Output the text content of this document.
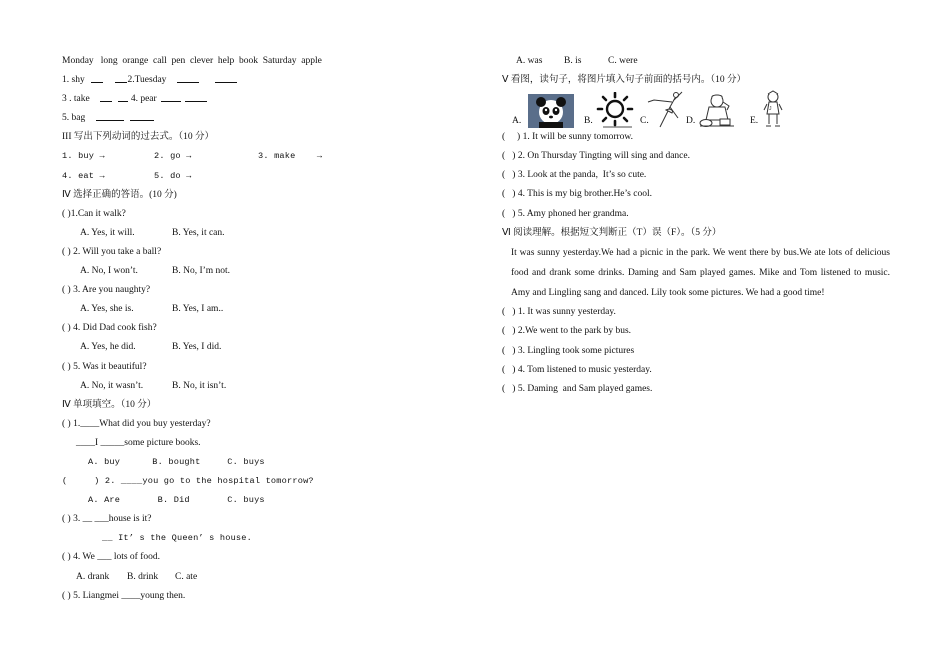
Monday   long  orange  call  pen  clever  help  book  Saturday  apple
1. shy	2.Tuesday
3 . take	4. pear
5. bag
III 写出下列动词的过去式。（10 分）
1. buy →	2. go →	3. make    →
4. eat →	5. do →
Ⅳ 选择正确的答语。(10 分)
( )1.Can it walk?
A. Yes, it will.	B. Yes, it can.
( ) 2. Will you take a ball?
A. No, I won’t.	B. No, I’m not.
( ) 3. Are you naughty?
A. Yes, she is.	B. Yes, I am..
( ) 4. Did Dad cook fish?
A. Yes, he did.	B. Yes, I did.
( ) 5. Was it beautiful?
A. No, it wasn’t.	B. No, it isn’t.
Ⅳ 单项填空。（10 分）
( ) 1.____What did you buy yesterday?
____I _____some picture books.
A. buy      B. bought     C. buys
(     ) 2. ____you go to the hospital tomorrow?
A. Are       B. Did       C. buys
( ) 3. __ ___house is it?
__ It’ s the Queen’ s house.
( ) 4. We ___ lots of food.
A. drank B. drink C. ate
( ) 5. Liangmei ____young then.
A. was B. is	C. were
Ⅴ 看图，读句子，将图片填入句子前面的括号内。（10 分）
A.	B.	C.	D.	E.
J
(     ) 1. It will be sunny tomorrow.
(   ) 2. On Thursday Tingting will sing and dance.
(   ) 3. Look at the panda,  It’s so cute.
(   ) 4. This is my big brother.He’s cool.
(   ) 5. Amy phoned her grandma.
Ⅵ 阅读理解。根据短文判断正（T）误（F）。（5 分）
It was sunny yesterday.We had a picnic in the park. We went there by bus.We ate lots of delicious food and drank some drinks. Daming and Sam played games. Mike and Tom listened to music. Amy and Lingling sang and danced. Lily took some pictures. We had a good time!
(   ) 1. It was sunny yesterday.
(   ) 2.We went to the park by bus.
(   ) 3. Lingling took some pictures
(   ) 4. Tom listened to music yesterday.
(   ) 5. Daming  and Sam played games.
